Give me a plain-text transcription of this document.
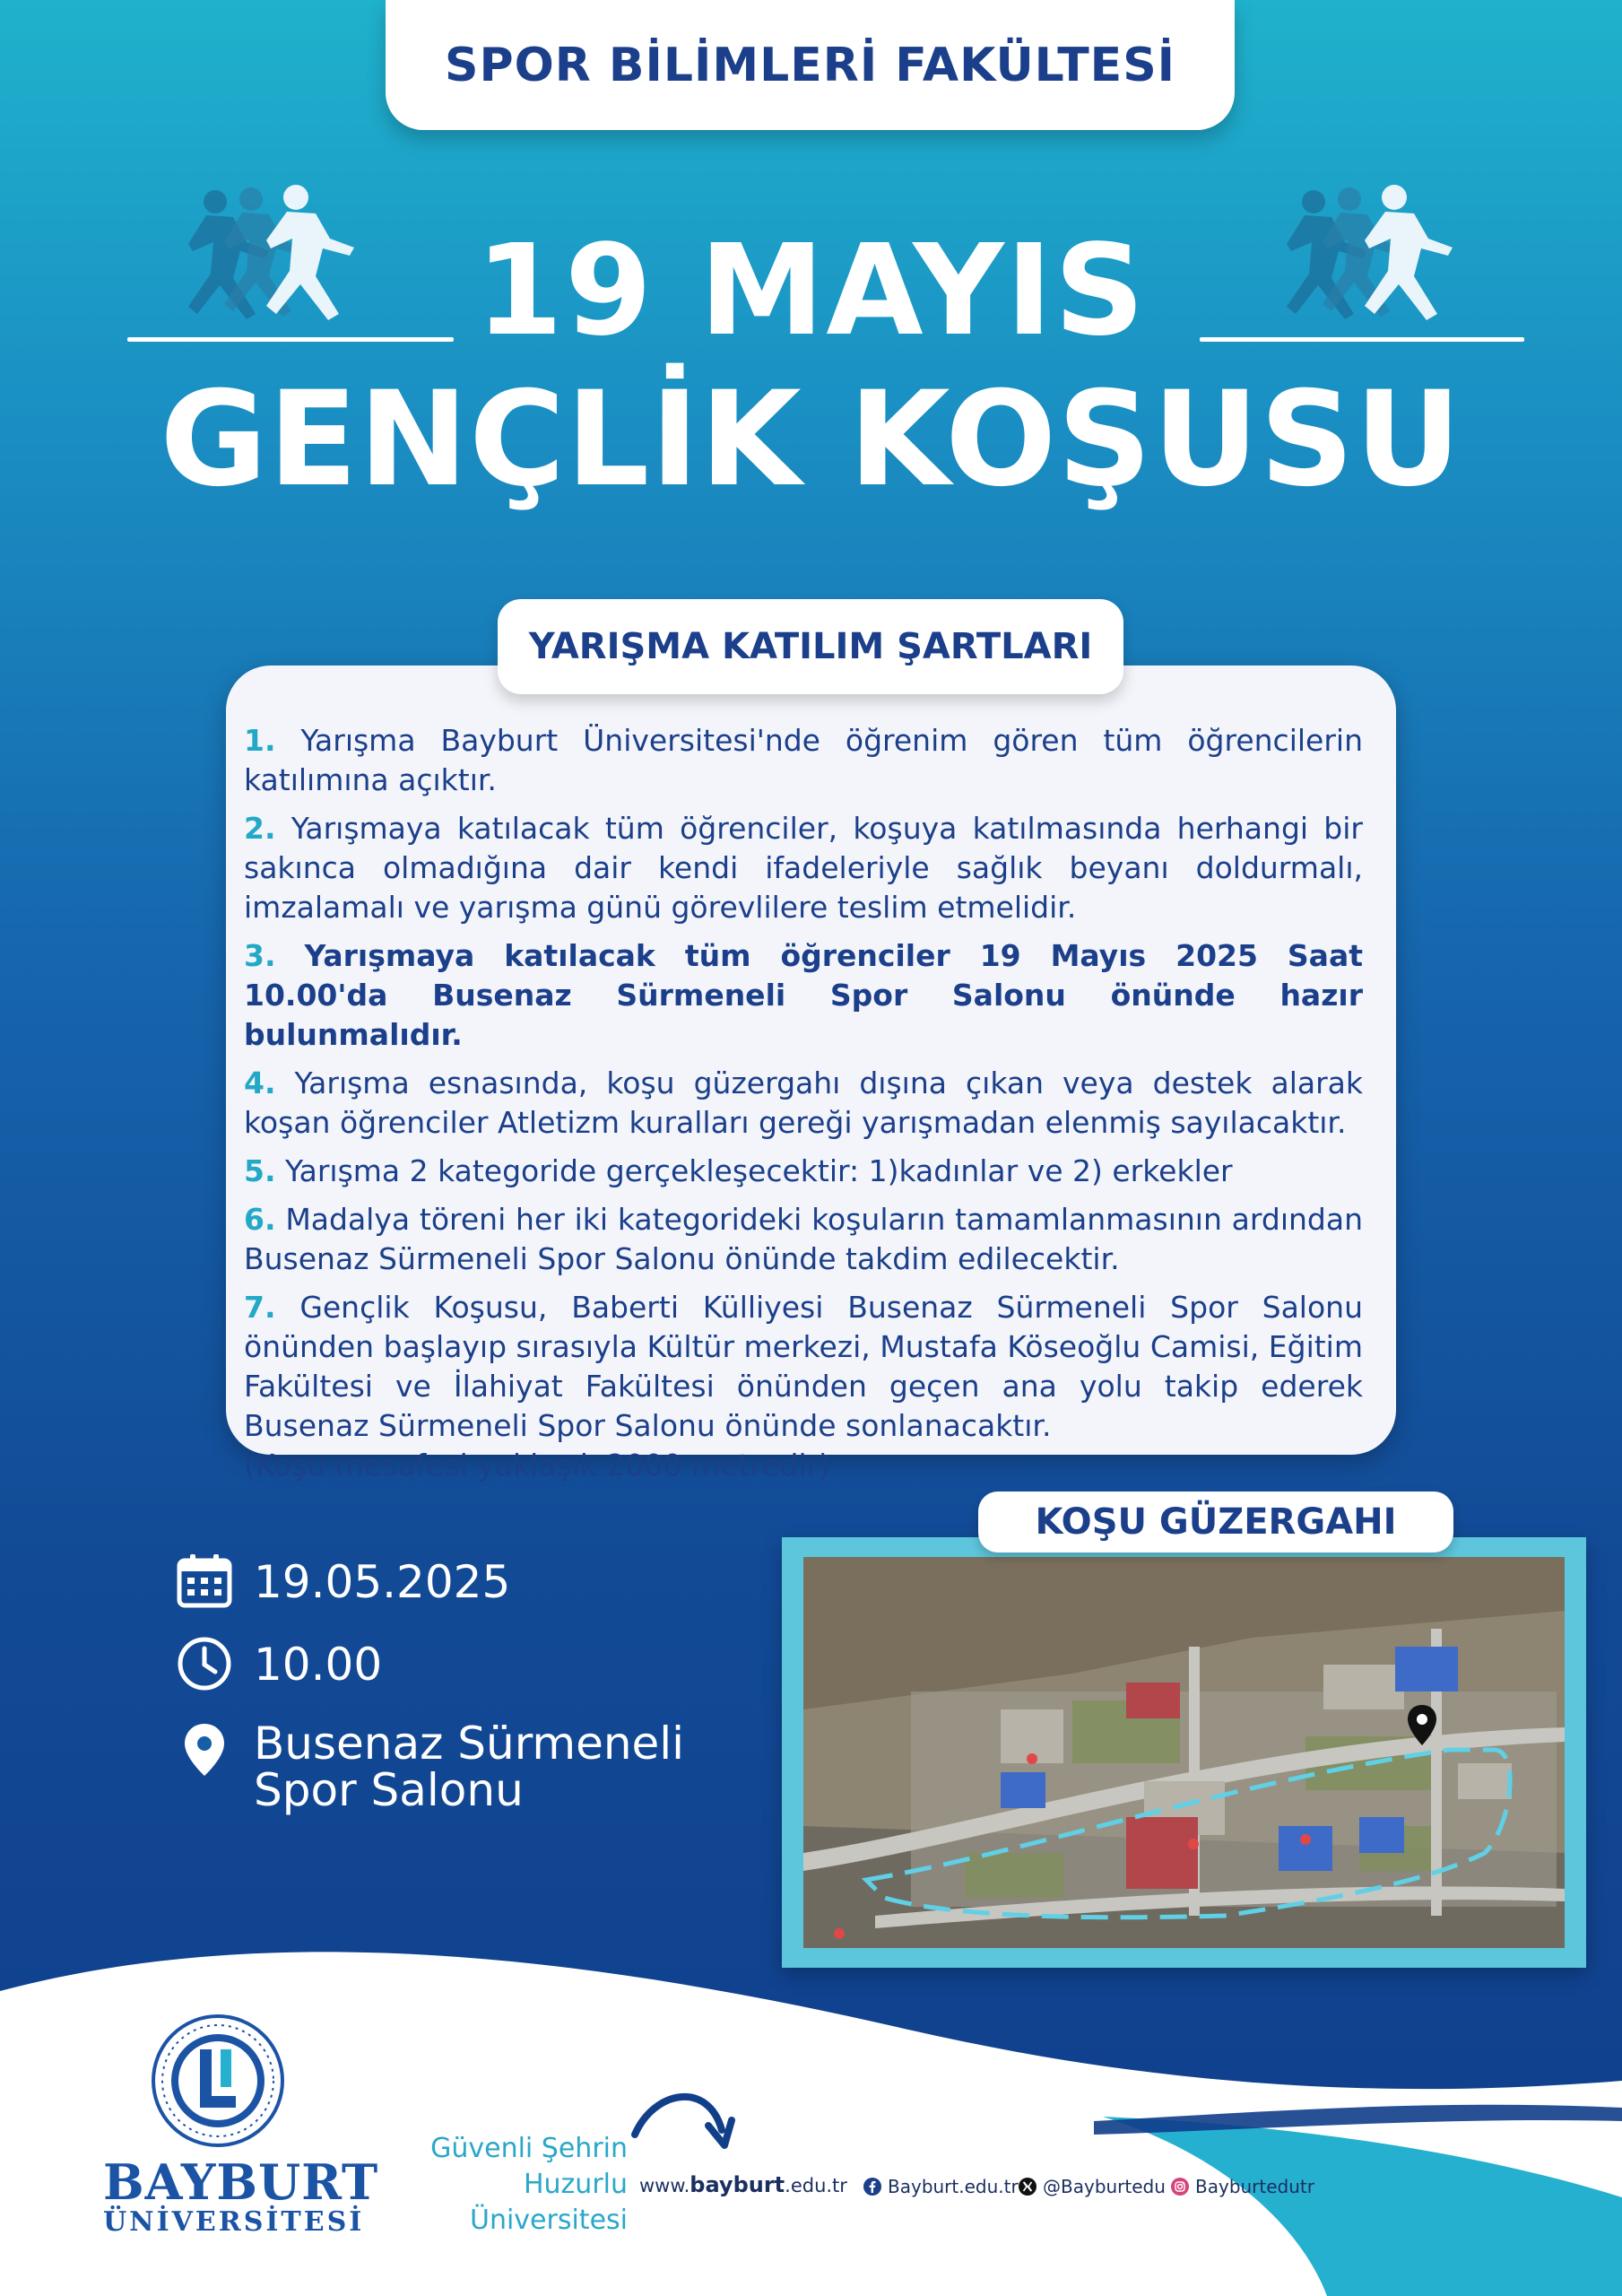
SPOR BİLİMLERİ FAKÜLTESİ
19 MAYIS
GENÇLİK KOŞUSU
YARIŞMA KATILIM ŞARTLARI
1. Yarışma Bayburt Üniversitesi'nde öğrenim gören tüm öğrencilerin katılımına açıktır.
2. Yarışmaya katılacak tüm öğrenciler, koşuya katılmasında herhangi bir sakınca olmadığına dair kendi ifadeleriyle sağlık beyanı doldurmalı, imzalamalı ve yarışma günü görevlilere teslim etmelidir.
3. Yarışmaya katılacak tüm öğrenciler 19 Mayıs 2025 Saat 10.00'da Busenaz Sürmeneli Spor Salonu önünde hazır bulunmalıdır.
4. Yarışma esnasında, koşu güzergahı dışına çıkan veya destek alarak koşan öğrenciler Atletizm kuralları gereği yarışmadan elenmiş sayılacaktır.
5. Yarışma 2 kategoride gerçekleşecektir: 1)kadınlar ve 2) erkekler
6. Madalya töreni her iki kategorideki koşuların tamamlanmasının ardından Busenaz Sürmeneli Spor Salonu önünde takdim edilecektir.
7. Gençlik Koşusu, Baberti Külliyesi Busenaz Sürmeneli Spor Salonu önünden başlayıp sırasıyla Kültür merkezi, Mustafa Köseoğlu Camisi, Eğitim Fakültesi ve İlahiyat Fakültesi önünden geçen ana yolu takip ederek Busenaz Sürmeneli Spor Salonu önünde sonlanacaktır.
(Koşu mesafesi yaklaşık 2000 metredir)
19.05.2025
10.00
Busenaz Sürmeneli
Spor Salonu
KOŞU GÜZERGAHI
BAYBURT
ÜNİVERSİTESİ
Güvenli Şehrin
Huzurlu Üniversitesi
www.bayburt.edu.tr Bayburt.edu.tr @Bayburtedu Bayburtedutr
